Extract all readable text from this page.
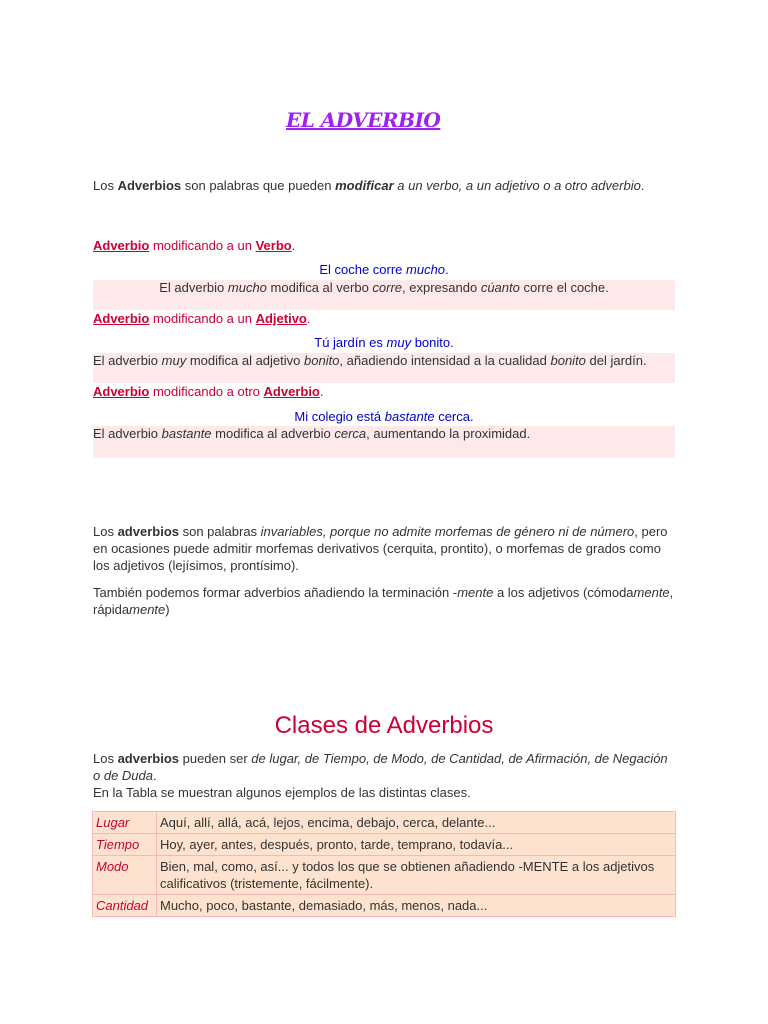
EL ADVERBIO
Los Adverbios son palabras que pueden modificar a un verbo, a un adjetivo o a otro adverbio.
Adverbio modificando a un Verbo.
El coche corre mucho.
El adverbio mucho modifica al verbo corre, expresando cúanto corre el coche.
Adverbio modificando a un Adjetivo.
Tú jardín es muy bonito.
El adverbio muy modifica al adjetivo bonito, añadiendo intensidad a la cualidad bonito del jardín.
Adverbio modificando a otro Adverbio.
Mi colegio está bastante cerca.
El adverbio bastante modifica al adverbio cerca, aumentando la proximidad.
Los adverbios son palabras invariables, porque no admite morfemas de género ni de número, pero en ocasiones puede admitir morfemas derivativos (cerquita, prontito), o morfemas de grados como los adjetivos (lejísimos, prontísimo).
También podemos formar adverbios añadiendo la terminación -mente a los adjetivos (cómodamente, rápidamente)
Clases de Adverbios
Los adverbios pueden ser de lugar, de Tiempo, de Modo, de Cantidad, de Afirmación, de Negación o de Duda.
En la Tabla se muestran algunos ejemplos de las distintas clases.
Lugar	Aquí, allí, allá, acá, lejos, encima, debajo, cerca, delante...
Tiempo	Hoy, ayer, antes, después, pronto, tarde, temprano, todavía...
Modo	Bien, mal, como, así... y todos los que se obtienen añadiendo -MENTE a los adjetivos calificativos (tristemente, fácilmente).
Cantidad	Mucho, poco, bastante, demasiado, más, menos, nada...
